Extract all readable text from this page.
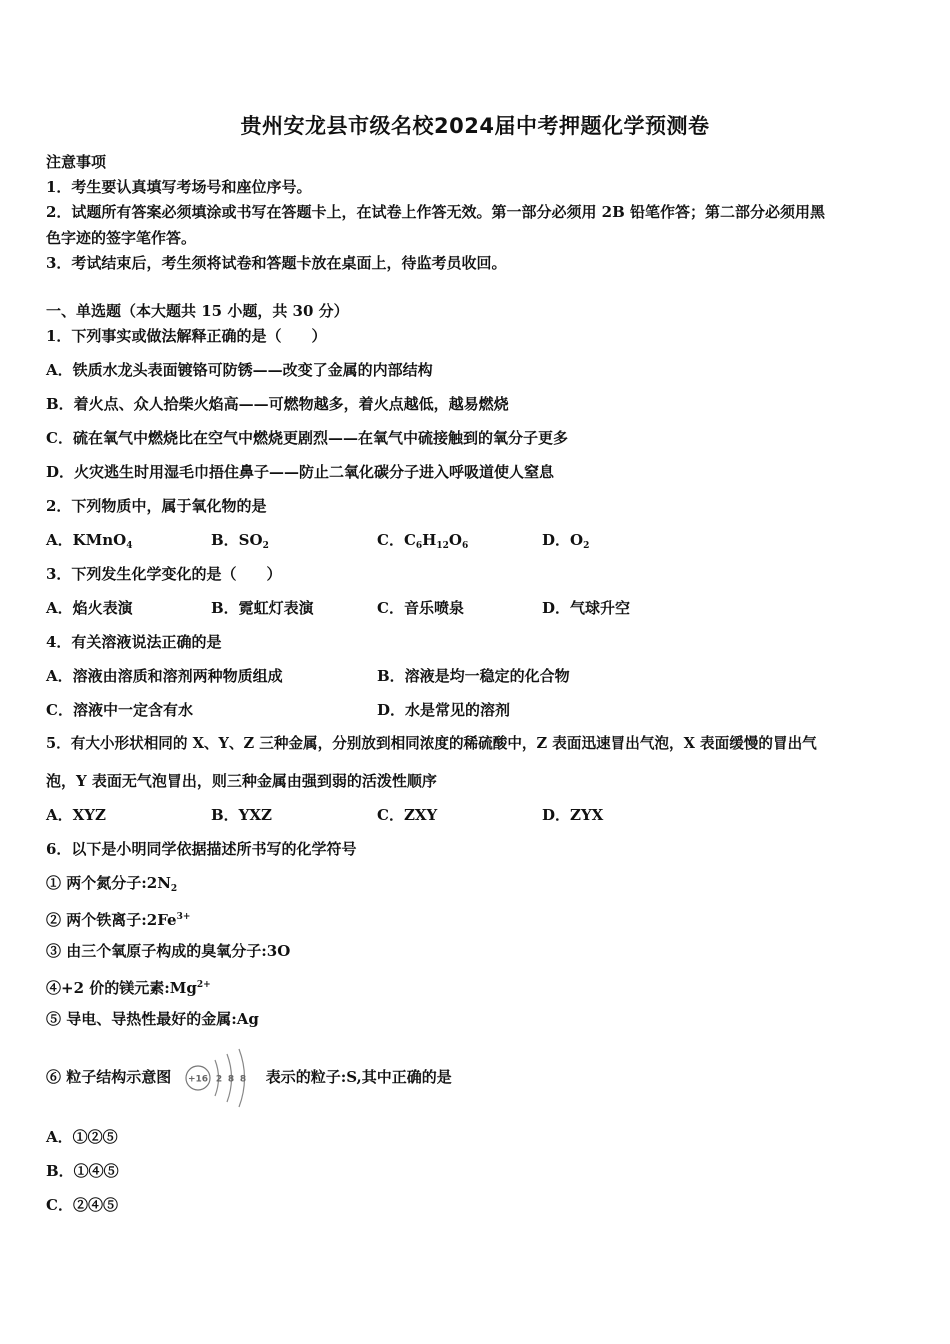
贵州安龙县市级名校2024届中考押题化学预测卷
注意事项
1．考生要认真填写考场号和座位序号。
2．试题所有答案必须填涂或书写在答题卡上，在试卷上作答无效。第一部分必须用 2B 铅笔作答；第二部分必须用黑
色字迹的签字笔作答。
3．考试结束后，考生须将试卷和答题卡放在桌面上，待监考员收回。
一、单选题（本大题共 15 小题，共 30 分）
1．下列事实或做法解释正确的是（　　）
A．铁质水龙头表面镀铬可防锈——改变了金属的内部结构
B．着火点、众人拾柴火焰高——可燃物越多，着火点越低，越易燃烧
C．硫在氧气中燃烧比在空气中燃烧更剧烈——在氧气中硫接触到的氧分子更多
D．火灾逃生时用湿毛巾捂住鼻子——防止二氧化碳分子进入呼吸道使人窒息
2．下列物质中，属于氧化物的是
A．KMnO$_4$	B．$SO_2$	C．$C_6H_{12}O_6$	D．$O_2$
3．下列发生化学变化的是（　　）
A．焰火表演	B．霓虹灯表演	C．音乐喷泉	D．气球升空
4．有关溶液说法正确的是
A．溶液由溶质和溶剂两种物质组成	B．溶液是均一稳定的化合物
C．溶液中一定含有水	D．水是常见的溶剂
5．有大小形状相同的 X、Y、Z 三种金属，分别放到相同浓度的稀硫酸中，Z 表面迅速冒出气泡，X 表面缓慢的冒出气
泡，Y 表面无气泡冒出，则三种金属由强到弱的活泼性顺序
A．XYZ	B．YXZ	C．ZXY	D．ZYX
6．以下是小明同学依据描述所书写的化学符号
① 两个氮分子$:2N_2$
② 两个铁离子$:2Fe^{3+}$
③ 由三个氧原子构成的臭氧分子:3O
④+2 价的镁元素$:Mg^{2+}$
⑤ 导电、导热性最好的金属:Ag
⑥ 粒子结构示意图 +16 2 8 8 表示的粒子:S,其中正确的是
A．①②⑤
B．①④⑤
C．②④⑤
